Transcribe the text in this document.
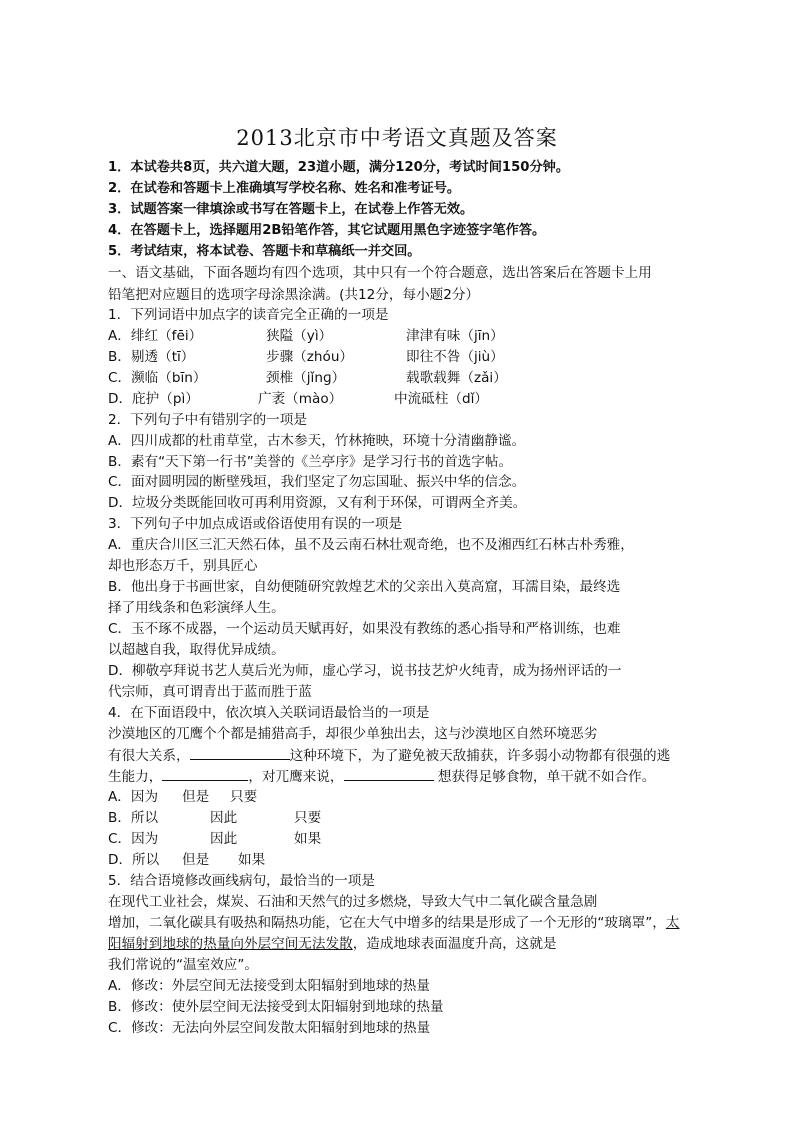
2013北京市中考语文真题及答案
1．本试卷共8页，共六道大题，23道小题，满分120分，考试时间150分钟。
2．在试卷和答题卡上准确填写学校名称、姓名和准考证号。
3．试题答案一律填涂或书写在答题卡上，在试卷上作答无效。
4．在答题卡上，选择题用2B铅笔作答，其它试题用黑色字迹签字笔作答。
5．考试结束，将本试卷、答题卡和草稿纸一并交回。
一、语文基础，下面各题均有四个选项，其中只有一个符合题意，选出答案后在答题卡上用
铅笔把对应题目的选项字母涂黑涂满。(共12分，每小题2分）
1．下列词语中加点字的读音完全正确的一项是
A．绯红（fēi）	狭隘（yì）	津津有味（jīn）
B．剔透（tī）	步骤（zhóu）	即往不咎（jiù）
C．濒临（bīn）	颈椎（jǐnɡ）	载歌载舞（zǎi）
D．庇护（pì）	广袤（mào）	中流砥柱（dǐ）
2．下列句子中有错别字的一项是
A．四川成都的杜甫草堂，古木参天，竹林掩映，环境十分清幽静谧。
B．素有“天下第一行书”美誉的《兰亭序》是学习行书的首选字帖。
C．面对圆明园的断壁残垣，我们坚定了勿忘国耻、振兴中华的信念。
D．垃圾分类既能回收可再利用资源，又有利于环保，可谓两全齐美。
3．下列句子中加点成语或俗语使用有误的一项是
A．重庆合川区三汇天然石体，虽不及云南石林壮观奇绝，也不及湘西红石林古朴秀雅，
却也形态万千，别具匠心
B．他出身于书画世家，自幼便随研究敦煌艺术的父亲出入莫高窟，耳濡目染，最终选
择了用线条和色彩演绎人生。
C．玉不琢不成器，一个运动员天赋再好，如果没有教练的悉心指导和严格训练，也难
以超越自我，取得优异成绩。
D．柳敬亭拜说书艺人莫后光为师，虚心学习，说书技艺炉火纯青，成为扬州评话的一
代宗师，真可谓青出于蓝而胜于蓝
4．在下面语段中，依次填入关联词语最恰当的一项是
沙漠地区的兀鹰个个都是捕猎高手，却很少单独出去，这与沙漠地区自然环境恶劣
有很大关系，	这种环境下，为了避免被天敌捕获，许多弱小动物都有很强的逃
生能力，	，对兀鹰来说，	想获得足够食物，单干就不如合作。
A．因为 但是 只要
B．所以	因此	只要
C．因为	因此	如果
D．所以 但是 如果
5．结合语境修改画线病句，最恰当的一项是
在现代工业社会，煤炭、石油和天然气的过多燃烧，导致大气中二氧化碳含量急剧
增加，二氧化碳具有吸热和隔热功能，它在大气中增多的结果是形成了一个无形的“玻璃罩”，太
阳辐射到地球的热量向外层空间无法发散，造成地球表面温度升高，这就是
我们常说的“温室效应”。
A．修改：外层空间无法接受到太阳辐射到地球的热量
B．修改：使外层空间无法接受到太阳辐射到地球的热量
C．修改：无法向外层空间发散太阳辐射到地球的热量
